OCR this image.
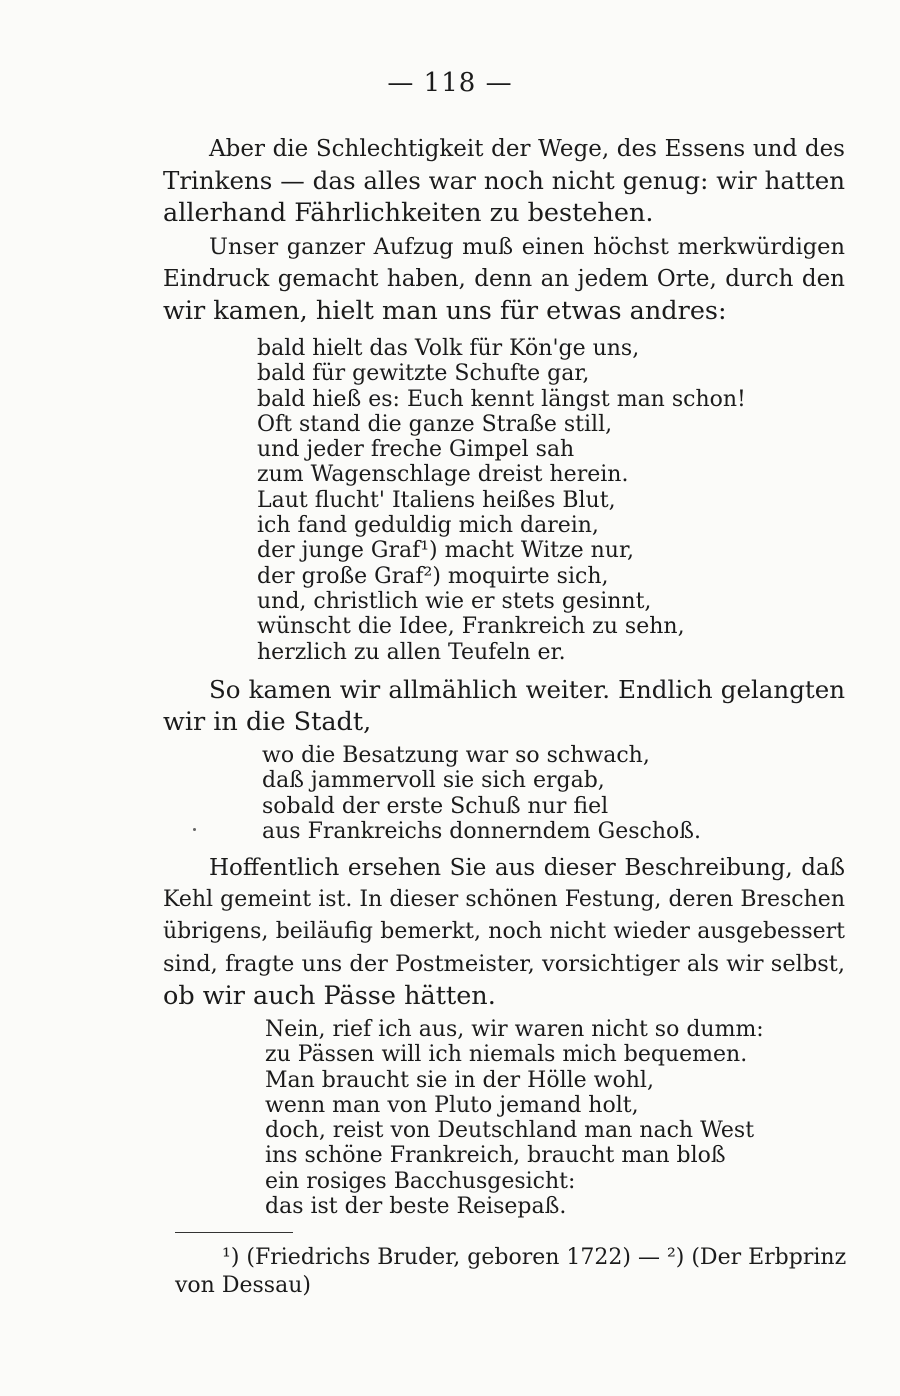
— 118 —
Aber die Schlechtigkeit der Wege, des Essens und des
Trinkens — das alles war noch nicht genug: wir hatten
allerhand Fährlichkeiten zu bestehen.
Unser ganzer Aufzug muß einen höchst merkwürdigen
Eindruck gemacht haben, denn an jedem Orte, durch den
wir kamen, hielt man uns für etwas andres:
bald hielt das Volk für Kön'ge uns,
bald für gewitzte Schufte gar,
bald hieß es: Euch kennt längst man schon!
Oft stand die ganze Straße still,
und jeder freche Gimpel sah
zum Wagenschlage dreist herein.
Laut flucht' Italiens heißes Blut,
ich fand geduldig mich darein,
der junge Graf¹) macht Witze nur,
der große Graf²) moquirte sich,
und, christlich wie er stets gesinnt,
wünscht die Idee, Frankreich zu sehn,
herzlich zu allen Teufeln er.
So kamen wir allmählich weiter. Endlich gelangten
wir in die Stadt,
wo die Besatzung war so schwach,
daß jammervoll sie sich ergab,
sobald der erste Schuß nur fiel
aus Frankreichs donnerndem Geschoß.
Hoffentlich ersehen Sie aus dieser Beschreibung, daß
Kehl gemeint ist. In dieser schönen Festung, deren Breschen
übrigens, beiläufig bemerkt, noch nicht wieder ausgebessert
sind, fragte uns der Postmeister, vorsichtiger als wir selbst,
ob wir auch Pässe hätten.
Nein, rief ich aus, wir waren nicht so dumm:
zu Pässen will ich niemals mich bequemen.
Man braucht sie in der Hölle wohl,
wenn man von Pluto jemand holt,
doch, reist von Deutschland man nach West
ins schöne Frankreich, braucht man bloß
ein rosiges Bacchusgesicht:
das ist der beste Reisepaß.
¹) (Friedrichs Bruder, geboren 1722) — ²) (Der Erbprinz
von Dessau)
